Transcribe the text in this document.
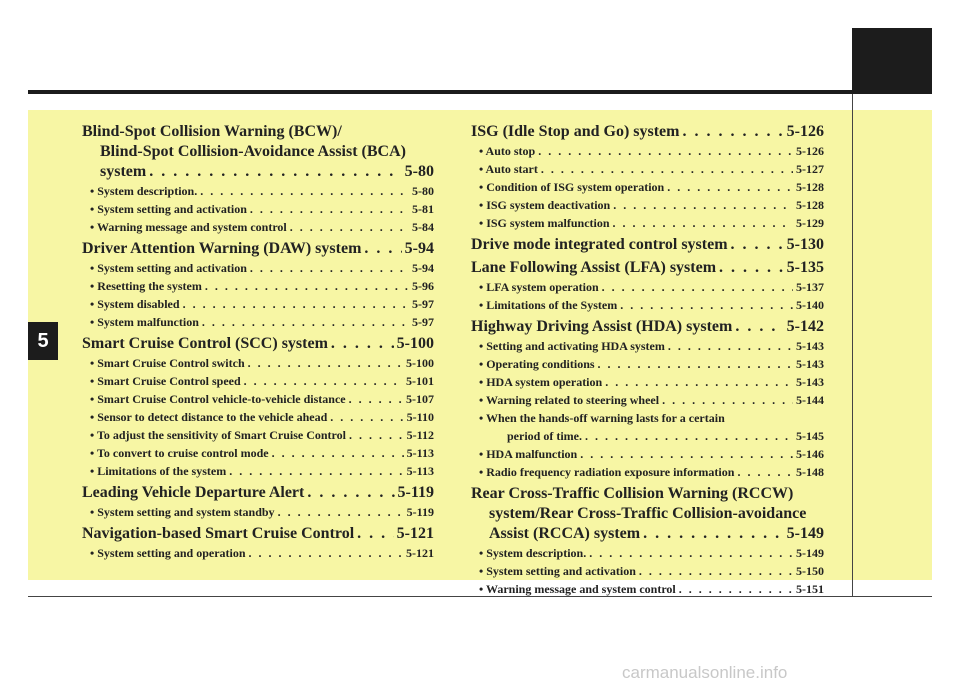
5
Blind-Spot Collision Warning (BCW)/
Blind-Spot Collision-Avoidance Assist (BCA)
system . . .	5-80
• System description. . . .	5-80
• System setting and activation . . .	5-81
• Warning message and system control . . .	5-84
Driver Attention Warning (DAW) system . . .	5-94
• System setting and activation . . .	5-94
• Resetting the system . . .	5-96
• System disabled . . .	5-97
• System malfunction . . .	5-97
Smart Cruise Control (SCC) system . . .	5-100
• Smart Cruise Control switch . . .	5-100
• Smart Cruise Control speed . . .	5-101
• Smart Cruise Control vehicle-to-vehicle distance . . .	5-107
• Sensor to detect distance to the vehicle ahead . . .	5-110
• To adjust the sensitivity of Smart Cruise Control . . .	5-112
• To convert to cruise control mode . . .	5-113
• Limitations of the system . . .	5-113
Leading Vehicle Departure Alert . . .	5-119
• System setting and system standby . . .	5-119
Navigation-based Smart Cruise Control . . .	5-121
• System setting and operation . . .	5-121
ISG (Idle Stop and Go) system . . .	5-126
• Auto stop . . .	5-126
• Auto start . . .	5-127
• Condition of ISG system operation . . .	5-128
• ISG system deactivation . . .	5-128
• ISG system malfunction . . .	5-129
Drive mode integrated control system . . .	5-130
Lane Following Assist (LFA) system . . .	5-135
• LFA system operation . . .	5-137
• Limitations of the System . . .	5-140
Highway Driving Assist (HDA) system . . .	5-142
• Setting and activating HDA system . . .	5-143
• Operating conditions . . .	5-143
• HDA system operation . . .	5-143
• Warning related to steering wheel . . .	5-144
• When the hands-off warning lasts for a certain
period of time. . . .	5-145
• HDA malfunction . . .	5-146
• Radio frequency radiation exposure information . . .	5-148
Rear Cross-Traffic Collision Warning (RCCW)
system/Rear Cross-Traffic Collision-avoidance
Assist (RCCA) system . . .	5-149
• System description. . . .	5-149
• System setting and activation . . .	5-150
• Warning message and system control . . .	5-151
carmanualsonline.info
